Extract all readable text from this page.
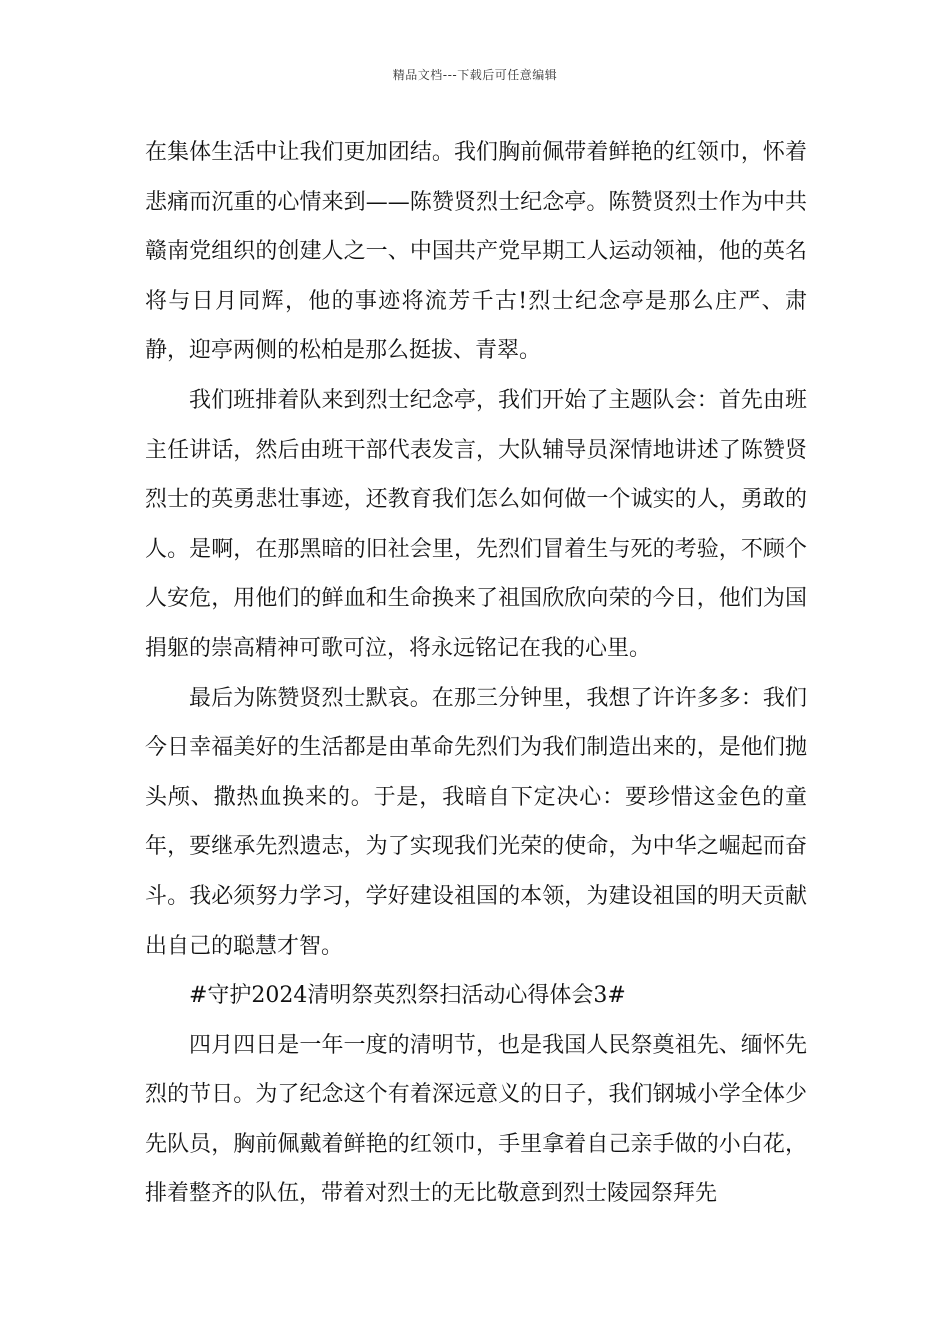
精品文档---下载后可任意编辑

在集体生活中让我们更加团结。我们胸前佩带着鲜艳的红领巾，怀着悲痛而沉重的心情来到——陈赞贤烈士纪念亭。陈赞贤烈士作为中共赣南党组织的创建人之一、中国共产党早期工人运动领袖，他的英名将与日月同辉，他的事迹将流芳千古!烈士纪念亭是那么庄严、肃静，迎亭两侧的松柏是那么挺拔、青翠。

我们班排着队来到烈士纪念亭，我们开始了主题队会：首先由班主任讲话，然后由班干部代表发言，大队辅导员深情地讲述了陈赞贤烈士的英勇悲壮事迹，还教育我们怎么如何做一个诚实的人，勇敢的人。是啊，在那黑暗的旧社会里，先烈们冒着生与死的考验，不顾个人安危，用他们的鲜血和生命换来了祖国欣欣向荣的今日，他们为国捐躯的崇高精神可歌可泣，将永远铭记在我的心里。

最后为陈赞贤烈士默哀。在那三分钟里，我想了许许多多：我们今日幸福美好的生活都是由革命先烈们为我们制造出来的，是他们抛头颅、撒热血换来的。于是，我暗自下定决心：要珍惜这金色的童年，要继承先烈遗志，为了实现我们光荣的使命，为中华之崛起而奋斗。我必须努力学习，学好建设祖国的本领，为建设祖国的明天贡献出自己的聪慧才智。

#守护2024清明祭英烈祭扫活动心得体会3#

四月四日是一年一度的清明节，也是我国人民祭奠祖先、缅怀先烈的节日。为了纪念这个有着深远意义的日子，我们钢城小学全体少先队员，胸前佩戴着鲜艳的红领巾，手里拿着自己亲手做的小白花，排着整齐的队伍，带着对烈士的无比敬意到烈士陵园祭拜先
